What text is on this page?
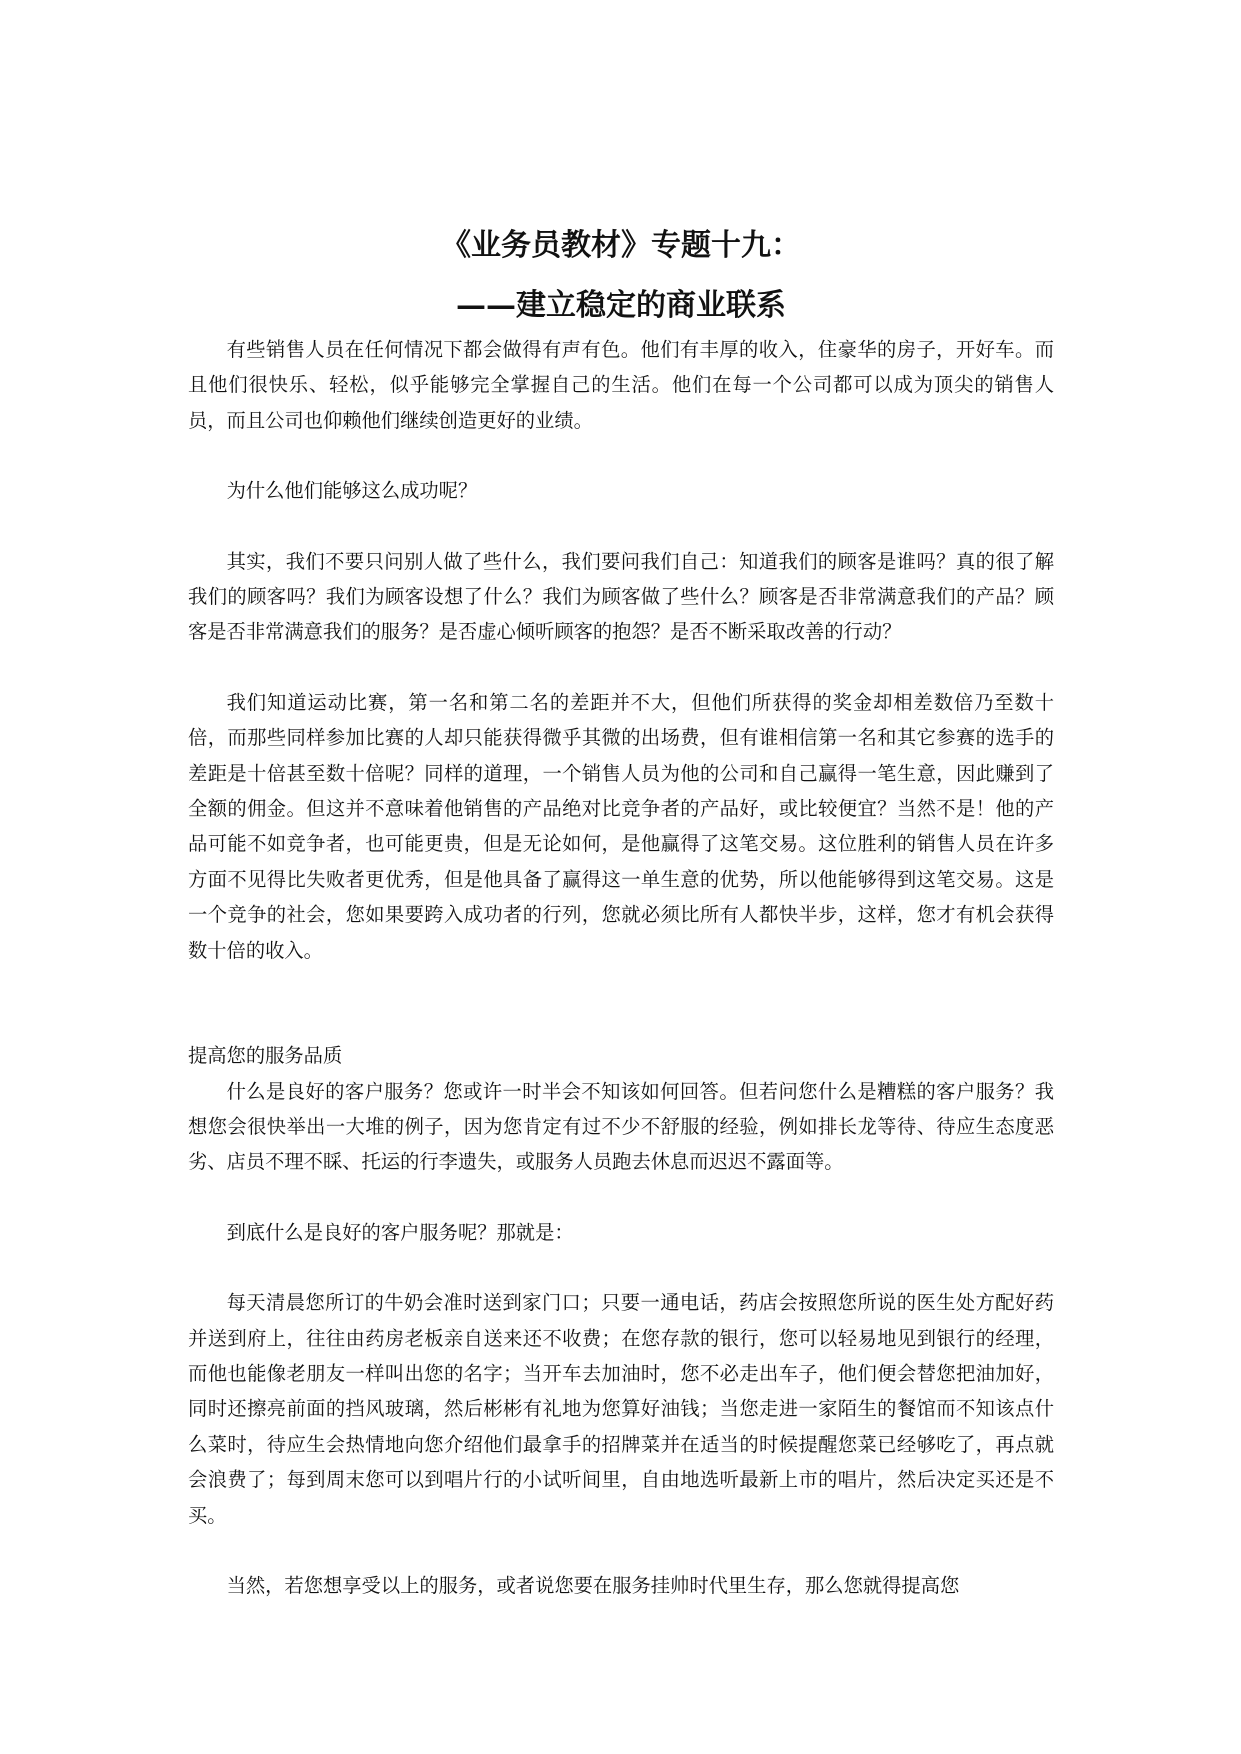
《业务员教材》专题十九：
——建立稳定的商业联系

有些销售人员在任何情况下都会做得有声有色。他们有丰厚的收入，住豪华的房子，开好车。而且他们很快乐、轻松，似乎能够完全掌握自己的生活。他们在每一个公司都可以成为顶尖的销售人员，而且公司也仰赖他们继续创造更好的业绩。

为什么他们能够这么成功呢？

其实，我们不要只问别人做了些什么，我们要问我们自己：知道我们的顾客是谁吗？真的很了解我们的顾客吗？我们为顾客设想了什么？我们为顾客做了些什么？顾客是否非常满意我们的产品？顾客是否非常满意我们的服务？是否虚心倾听顾客的抱怨？是否不断采取改善的行动？

我们知道运动比赛，第一名和第二名的差距并不大，但他们所获得的奖金却相差数倍乃至数十倍，而那些同样参加比赛的人却只能获得微乎其微的出场费，但有谁相信第一名和其它参赛的选手的差距是十倍甚至数十倍呢？同样的道理，一个销售人员为他的公司和自己赢得一笔生意，因此赚到了全额的佣金。但这并不意味着他销售的产品绝对比竞争者的产品好，或比较便宜？当然不是！他的产品可能不如竞争者，也可能更贵，但是无论如何，是他赢得了这笔交易。这位胜利的销售人员在许多方面不见得比失败者更优秀，但是他具备了赢得这一单生意的优势，所以他能够得到这笔交易。这是一个竞争的社会，您如果要跨入成功者的行列，您就必须比所有人都快半步，这样，您才有机会获得数十倍的收入。

提高您的服务品质

什么是良好的客户服务？您或许一时半会不知该如何回答。但若问您什么是糟糕的客户服务？我想您会很快举出一大堆的例子，因为您肯定有过不少不舒服的经验，例如排长龙等待、待应生态度恶劣、店员不理不睬、托运的行李遗失，或服务人员跑去休息而迟迟不露面等。

到底什么是良好的客户服务呢？那就是：

每天清晨您所订的牛奶会准时送到家门口；只要一通电话，药店会按照您所说的医生处方配好药并送到府上，往往由药房老板亲自送来还不收费；在您存款的银行，您可以轻易地见到银行的经理，而他也能像老朋友一样叫出您的名字；当开车去加油时，您不必走出车子，他们便会替您把油加好，同时还擦亮前面的挡风玻璃，然后彬彬有礼地为您算好油钱；当您走进一家陌生的餐馆而不知该点什么菜时，待应生会热情地向您介绍他们最拿手的招牌菜并在适当的时候提醒您菜已经够吃了，再点就会浪费了；每到周末您可以到唱片行的小试听间里，自由地选听最新上市的唱片，然后决定买还是不买。

当然，若您想享受以上的服务，或者说您要在服务挂帅时代里生存，那么您就得提高您
